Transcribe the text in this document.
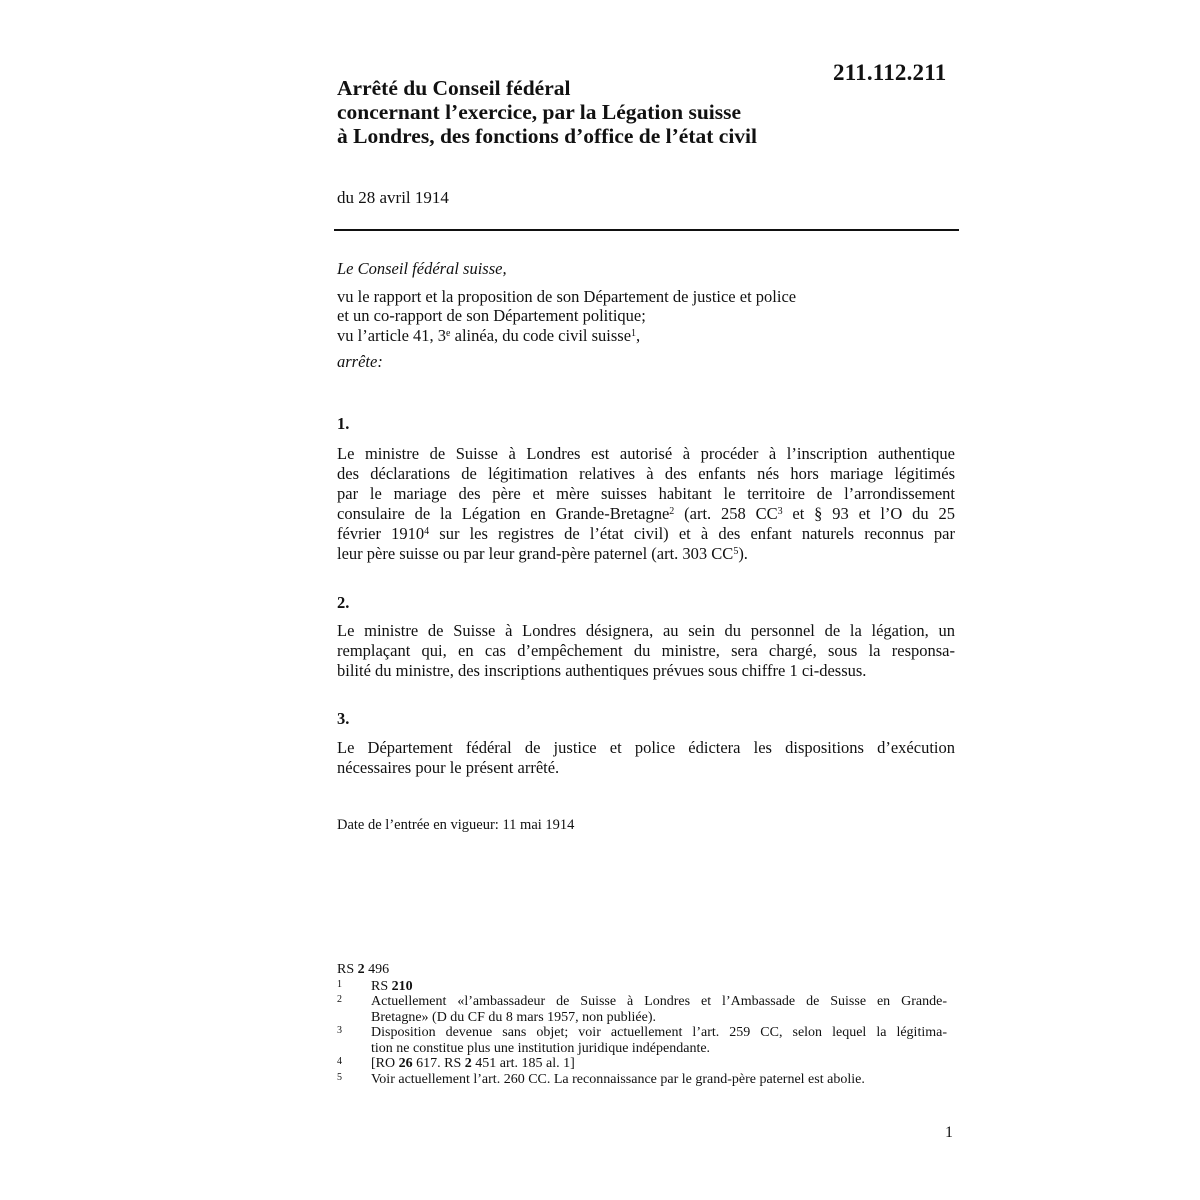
211.112.211
Arrêté du Conseil fédéral
concernant l’exercice, par la Légation suisse
à Londres, des fonctions d’office de l’état civil
du 28 avril 1914
Le Conseil fédéral suisse,
vu le rapport et la proposition de son Département de justice et police
et un co-rapport de son Département politique;
vu l’article 41, 3e alinéa, du code civil suisse$^1$,
arrête:
1.
Le ministre de Suisse à Londres est autorisé à procéder à l’inscription authentique
des déclarations de légitimation relatives à des enfants nés hors mariage légitimés
par le mariage des père et mère suisses habitant le territoire de l’arrondissement
consulaire de la Légation en Grande-Bretagne$^2$ (art. 258 $CC^3$ et § 93 et l’O du 25
février 1910$^4$ sur les registres de l’état civil) et à des enfant naturels reconnus par
leur père suisse ou par leur grand-père paternel (art. 303 $CC^5$).
2.
Le ministre de Suisse à Londres désignera, au sein du personnel de la légation, un
remplaçant qui, en cas d’empêchement du ministre, sera chargé, sous la responsa-
bilité du ministre, des inscriptions authentiques prévues sous chiffre 1 ci-dessus.
3.
Le Département fédéral de justice et police édictera les dispositions d’exécution
nécessaires pour le présent arrêté.
Date de l’entrée en vigueur: 11 mai 1914
RS 2 496
1 RS 210
2 Actuellement «l’ambassadeur de Suisse à Londres et l’Ambassade de Suisse en Grande-
Bretagne» (D du CF du 8 mars 1957, non publiée).
3 Disposition devenue sans objet; voir actuellement l’art. 259 CC, selon lequel la légitima-
tion ne constitue plus une institution juridique indépendante.
4 [RO 26 617. RS 2 451 art. 185 al. 1]
5 Voir actuellement l’art. 260 CC. La reconnaissance par le grand-père paternel est abolie.
1
